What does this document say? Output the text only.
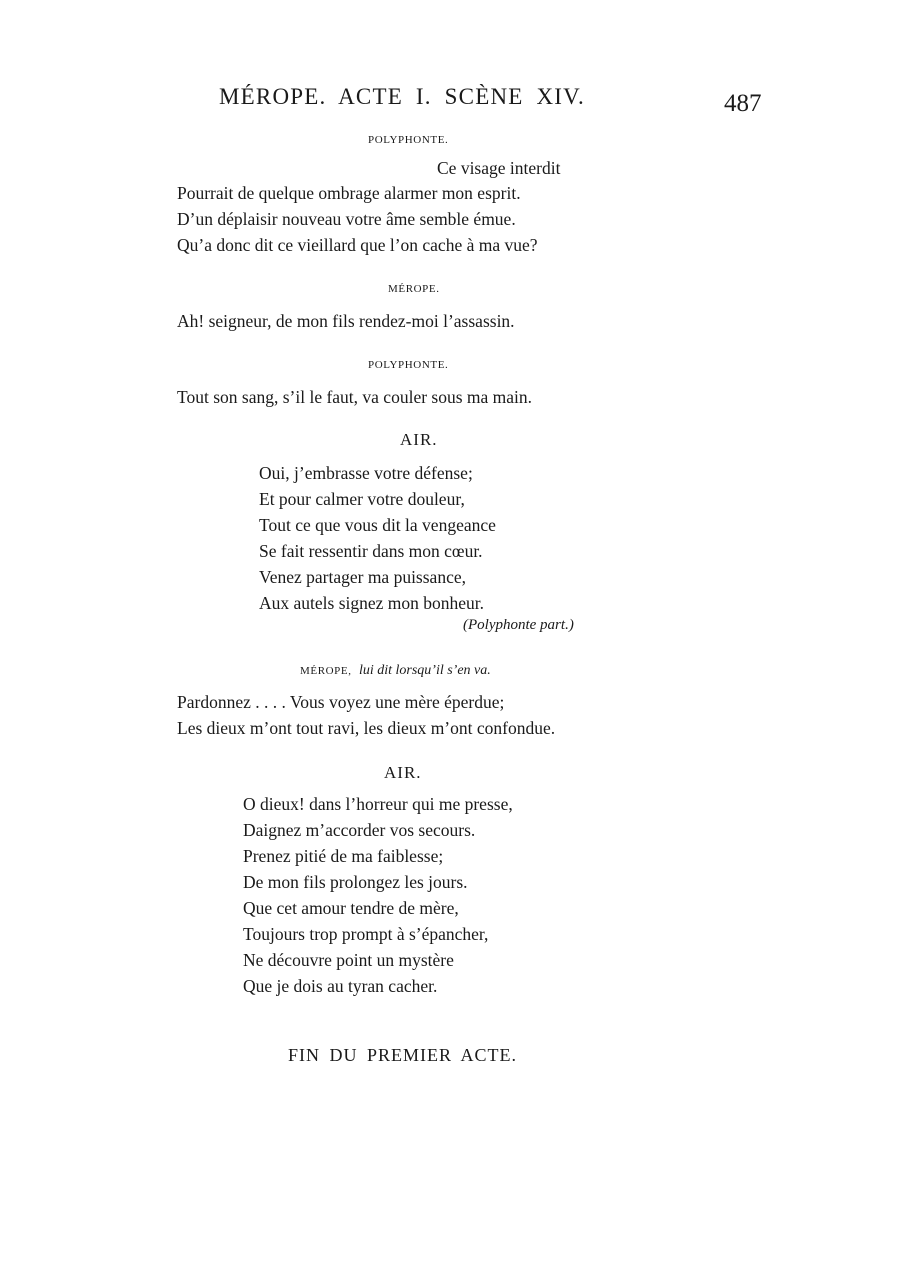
MÉROPE. ACTE I. SCÈNE XIV.	487
POLYPHONTE.
Ce visage interdit
Pourrait de quelque ombrage alarmer mon esprit.
D’un déplaisir nouveau votre âme semble émue.
Qu’a donc dit ce vieillard que l’on cache à ma vue?
MÉROPE.
Ah! seigneur, de mon fils rendez-moi l’assassin.
POLYPHONTE.
Tout son sang, s’il le faut, va couler sous ma main.
AIR.
Oui, j’embrasse votre défense;
Et pour calmer votre douleur,
Tout ce que vous dit la vengeance
Se fait ressentir dans mon cœur.
Venez partager ma puissance,
Aux autels signez mon bonheur.
(Polyphonte part.)
MÉROPE, lui dit lorsqu’il s’en va.
Pardonnez . . . . Vous voyez une mère éperdue;
Les dieux m’ont tout ravi, les dieux m’ont confondue.
AIR.
O dieux! dans l’horreur qui me presse,
Daignez m’accorder vos secours.
Prenez pitié de ma faiblesse;
De mon fils prolongez les jours.
Que cet amour tendre de mère,
Toujours trop prompt à s’épancher,
Ne découvre point un mystère
Que je dois au tyran cacher.
FIN DU PREMIER ACTE.
